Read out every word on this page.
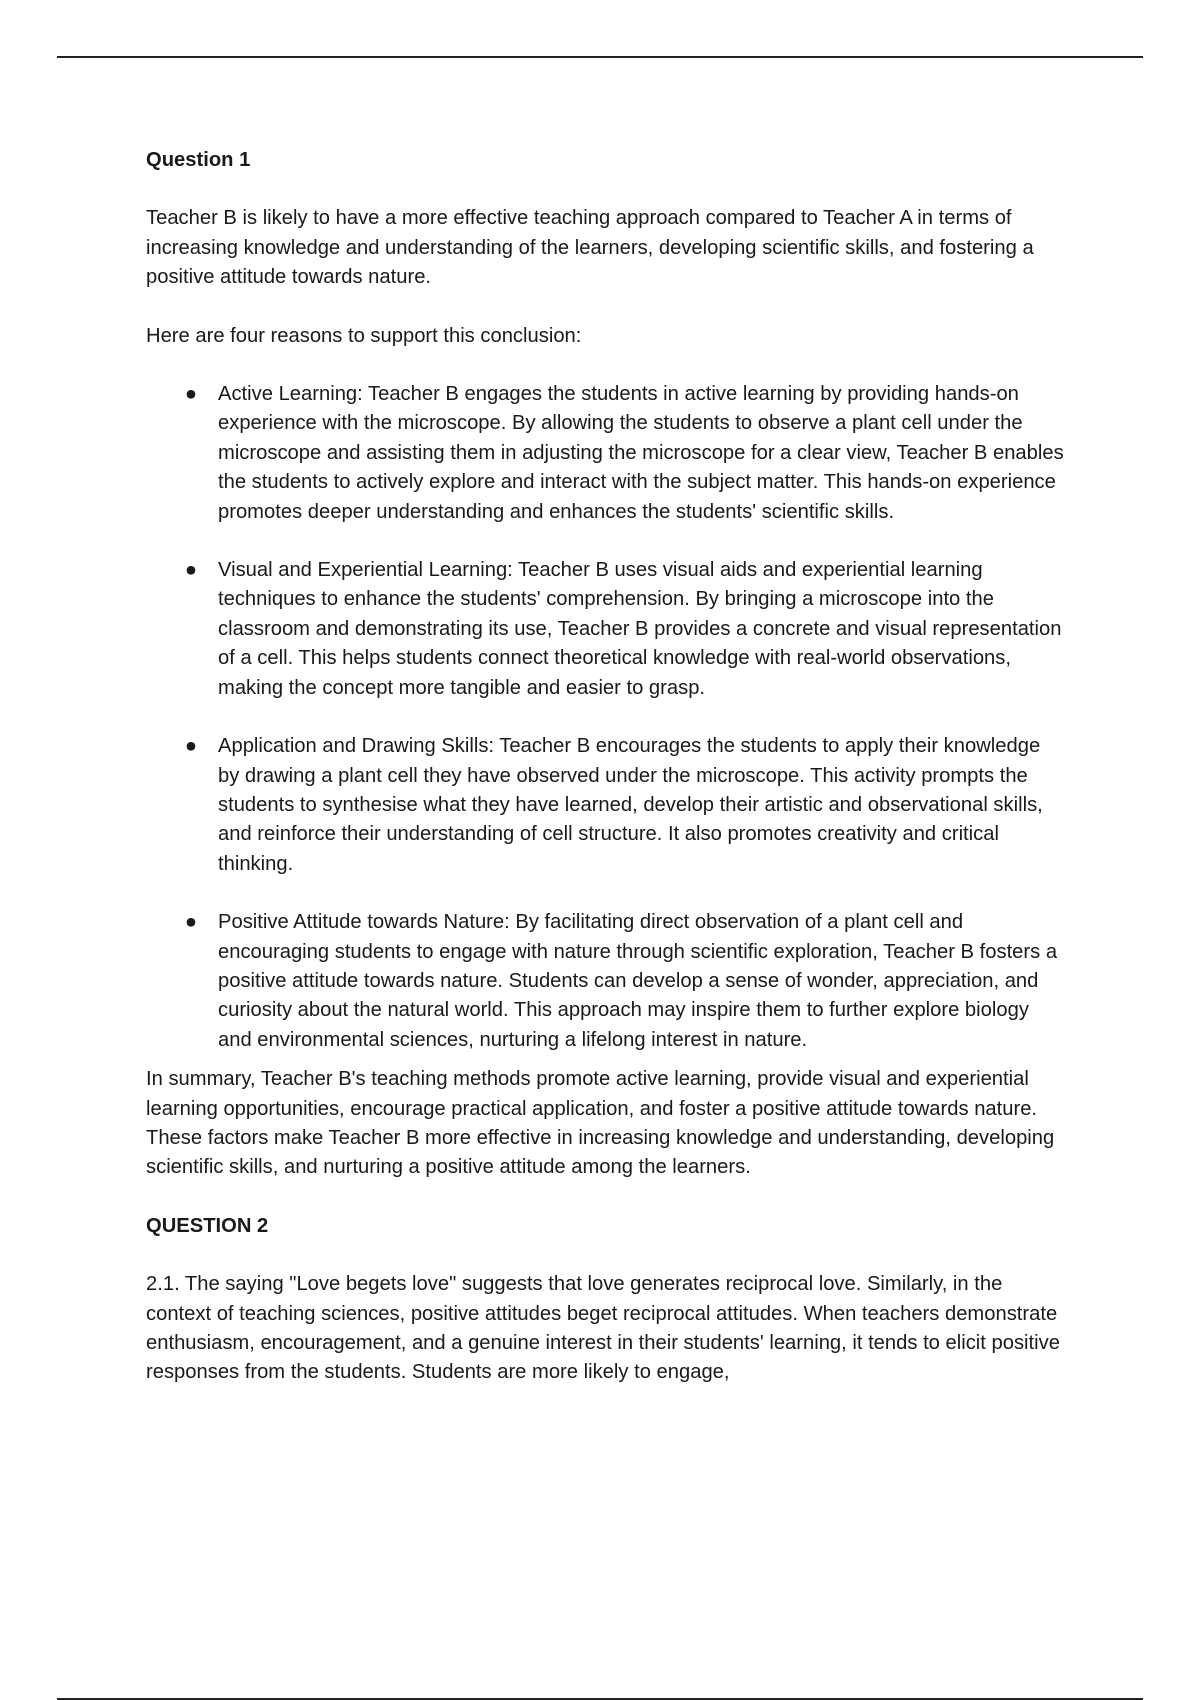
Question 1

Teacher B is likely to have a more effective teaching approach compared to Teacher A in terms of increasing knowledge and understanding of the learners, developing scientific skills, and fostering a positive attitude towards nature.

Here are four reasons to support this conclusion:

● Active Learning: Teacher B engages the students in active learning by providing hands-on experience with the microscope. By allowing the students to observe a plant cell under the microscope and assisting them in adjusting the microscope for a clear view, Teacher B enables the students to actively explore and interact with the subject matter. This hands-on experience promotes deeper understanding and enhances the students' scientific skills.
● Visual and Experiential Learning: Teacher B uses visual aids and experiential learning techniques to enhance the students' comprehension. By bringing a microscope into the classroom and demonstrating its use, Teacher B provides a concrete and visual representation of a cell. This helps students connect theoretical knowledge with real-world observations, making the concept more tangible and easier to grasp.
● Application and Drawing Skills: Teacher B encourages the students to apply their knowledge by drawing a plant cell they have observed under the microscope. This activity prompts the students to synthesise what they have learned, develop their artistic and observational skills, and reinforce their understanding of cell structure. It also promotes creativity and critical thinking.
● Positive Attitude towards Nature: By facilitating direct observation of a plant cell and encouraging students to engage with nature through scientific exploration, Teacher B fosters a positive attitude towards nature. Students can develop a sense of wonder, appreciation, and curiosity about the natural world. This approach may inspire them to further explore biology and environmental sciences, nurturing a lifelong interest in nature.

In summary, Teacher B's teaching methods promote active learning, provide visual and experiential learning opportunities, encourage practical application, and foster a positive attitude towards nature. These factors make Teacher B more effective in increasing knowledge and understanding, developing scientific skills, and nurturing a positive attitude among the learners.

QUESTION 2

2.1. The saying "Love begets love" suggests that love generates reciprocal love. Similarly, in the context of teaching sciences, positive attitudes beget reciprocal attitudes. When teachers demonstrate enthusiasm, encouragement, and a genuine interest in their students' learning, it tends to elicit positive responses from the students. Students are more likely to engage,
